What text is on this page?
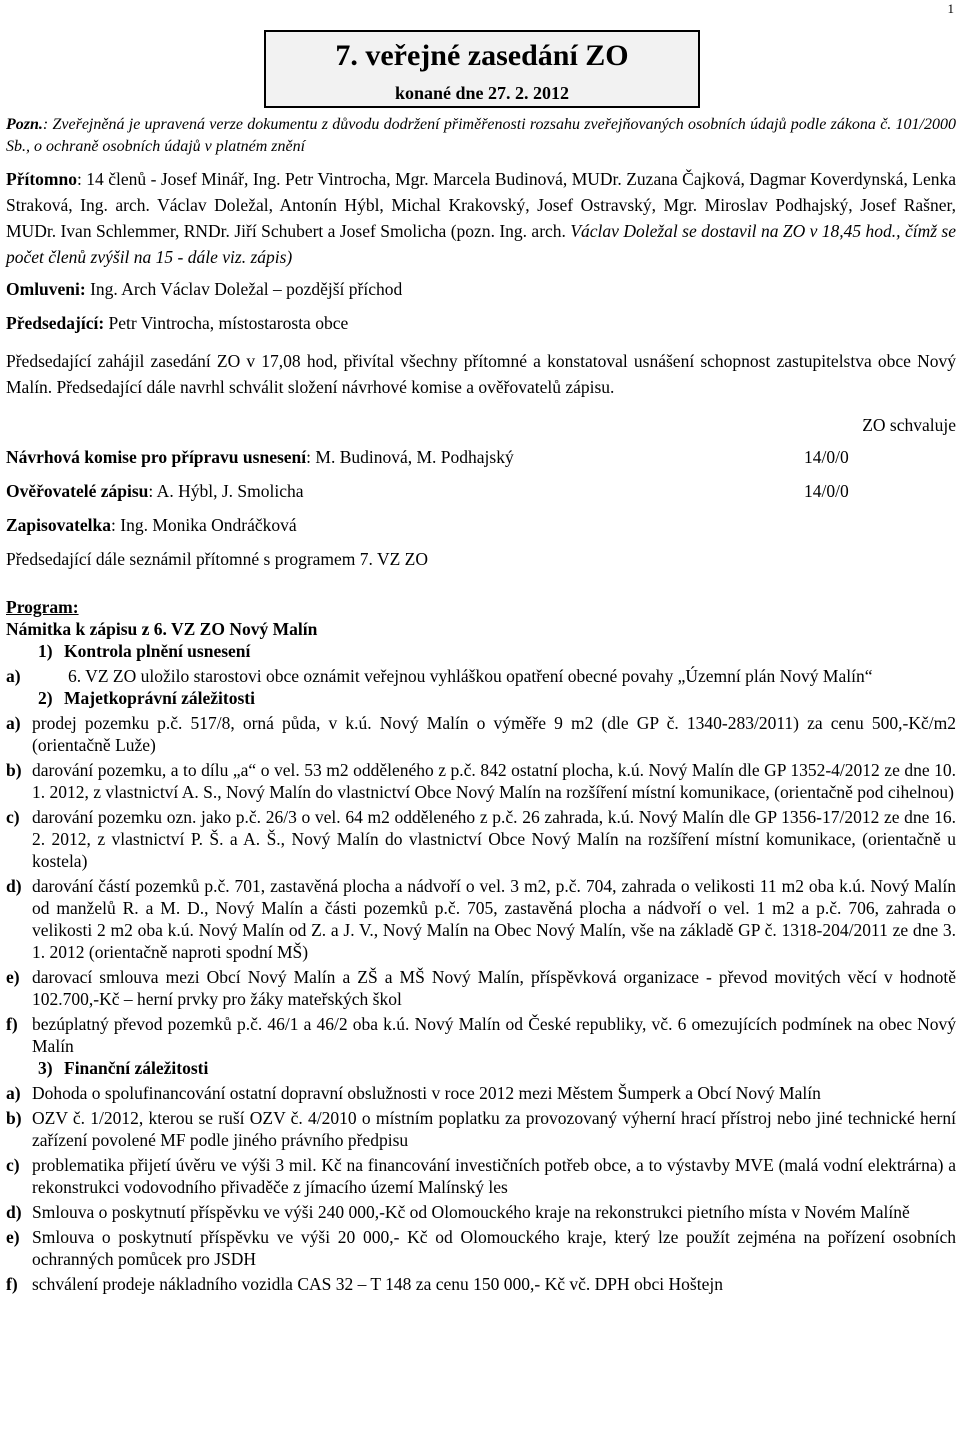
1
7. veřejné zasedání ZO
konané dne 27. 2. 2012

Pozn.: Zveřejněná je upravená verze dokumentu z důvodu dodržení přiměřenosti rozsahu zveřejňovaných osobních údajů podle zákona č. 101/2000 Sb., o ochraně osobních údajů v platném znění

Přítomno: 14 členů - Josef Minář, Ing. Petr Vintrocha, Mgr. Marcela Budinová, MUDr. Zuzana Čajková, Dagmar Koverdynská, Lenka Straková, Ing. arch. Václav Doležal, Antonín Hýbl, Michal Krakovský, Josef Ostravský, Mgr. Miroslav Podhajský, Josef Rašner, MUDr. Ivan Schlemmer, RNDr. Jiří Schubert a Josef Smolicha (pozn. Ing. arch. Václav Doležal se dostavil na ZO v 18,45 hod., čímž se počet členů zvýšil na 15 - dále viz. zápis)

Omluveni: Ing. Arch Václav Doležal – pozdější příchod

Předsedající: Petr Vintrocha, místostarosta obce

Předsedající zahájil zasedání ZO v 17,08 hod, přivítal všechny přítomné a konstatoval usnášení schopnost zastupitelstva obce Nový Malín. Předsedající dále navrhl schválit složení návrhové komise a ověřovatelů zápisu.

ZO schvaluje

Návrhová komise pro přípravu usnesení: M. Budinová, M. Podhajský	14/0/0
Ověřovatelé zápisu: A. Hýbl, J. Smolicha	14/0/0

Zapisovatelka: Ing. Monika Ondráčková

Předsedající dále seznámil přítomné s programem 7. VZ ZO

Program:

Námitka k zápisu z 6. VZ ZO Nový Malín

1) Kontrola plnění usnesení
a)	6. VZ ZO uložilo starostovi obce oznámit veřejnou vyhláškou opatření obecné povahy „Územní plán Nový Malín“
2) Majetkoprávní záležitosti
a) prodej pozemku p.č. 517/8, orná půda, v k.ú. Nový Malín o výměře 9 m2 (dle GP č. 1340-283/2011) za cenu 500,-Kč/m2 (orientačně Luže)
b) darování pozemku, a to dílu „a“ o vel. 53 m2 odděleného z p.č. 842 ostatní plocha, k.ú. Nový Malín dle GP 1352-4/2012 ze dne 10. 1. 2012, z vlastnictví A. S., Nový Malín do vlastnictví Obce Nový Malín na rozšíření místní komunikace, (orientačně pod cihelnou)
c) darování pozemku ozn. jako p.č. 26/3 o vel. 64 m2 odděleného z p.č. 26 zahrada, k.ú. Nový Malín dle GP 1356-17/2012 ze dne 16. 2. 2012, z vlastnictví P. Š. a A. Š., Nový Malín do vlastnictví Obce Nový Malín na rozšíření místní komunikace, (orientačně u kostela)
d) darování částí pozemků p.č. 701, zastavěná plocha a nádvoří o vel. 3 m2, p.č. 704, zahrada o velikosti 11 m2 oba k.ú. Nový Malín od manželů R. a M. D., Nový Malín a části pozemků p.č. 705, zastavěná plocha a nádvoří o vel. 1 m2 a p.č. 706, zahrada o velikosti 2 m2 oba k.ú. Nový Malín od Z. a J. V., Nový Malín na Obec Nový Malín, vše na základě GP č. 1318-204/2011 ze dne 3. 1. 2012 (orientačně naproti spodní MŠ)
e) darovací smlouva mezi Obcí Nový Malín a ZŠ a MŠ Nový Malín, příspěvková organizace - převod movitých věcí v hodnotě 102.700,-Kč – herní prvky pro žáky mateřských škol
f) bezúplatný převod pozemků p.č. 46/1 a 46/2 oba k.ú. Nový Malín od České republiky, vč. 6 omezujících podmínek na obec Nový Malín
3) Finanční záležitosti
a) Dohoda o spolufinancování ostatní dopravní obslužnosti v roce 2012 mezi Městem Šumperk a Obcí Nový Malín
b) OZV č. 1/2012, kterou se ruší OZV č. 4/2010 o místním poplatku za provozovaný výherní hrací přístroj nebo jiné technické herní zařízení povolené MF podle jiného právního předpisu
c) problematika přijetí úvěru ve výši 3 mil. Kč na financování investičních potřeb obce, a to výstavby MVE (malá vodní elektrárna) a rekonstrukci vodovodního přivaděče z jímacího území Malínský les
d) Smlouva o poskytnutí příspěvku ve výši 240 000,-Kč od Olomouckého kraje na rekonstrukci pietního místa v Novém Malíně
e) Smlouva o poskytnutí příspěvku ve výši 20 000,- Kč od Olomouckého kraje, který lze použít zejména na pořízení osobních ochranných pomůcek pro JSDH
f) schválení prodeje nákladního vozidla CAS 32 – T 148 za cenu 150 000,- Kč vč. DPH obci Hoštejn
